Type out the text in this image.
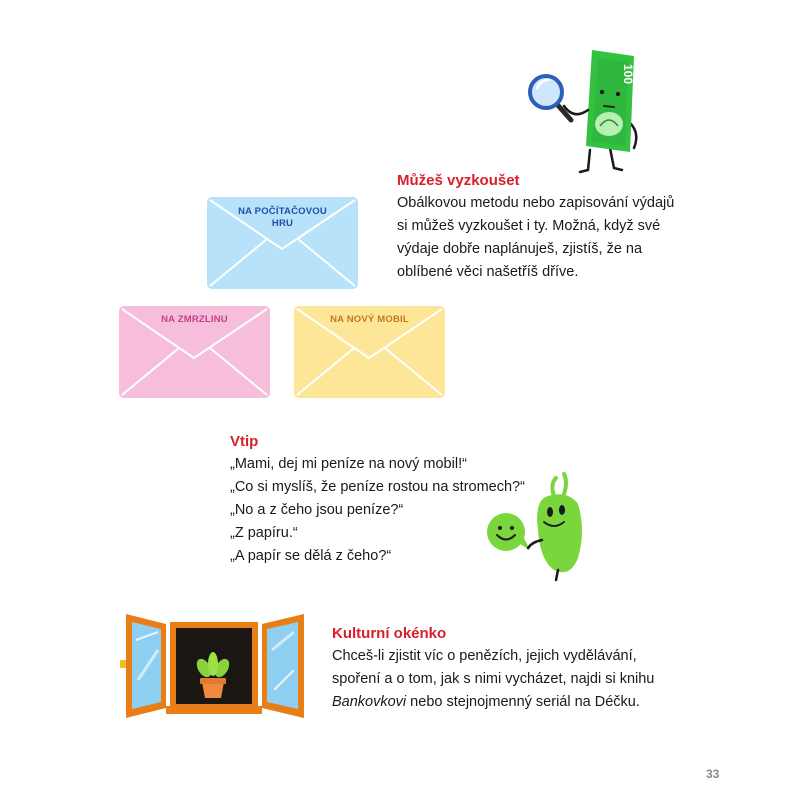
100
Můžeš vyzkoušet
Obálkovou metodu nebo zapisování výdajů
si můžeš vyzkoušet i ty. Možná, když své
výdaje dobře naplánuješ, zjistíš, že na
oblíbené věci našetříš dříve.
NA POČÍTAČOVOU
HRU
NA ZMRZLINU	NA NOVÝ MOBIL
Vtip
„Mami, dej mi peníze na nový mobil!“
„Co si myslíš, že peníze rostou na stromech?“
„No a z čeho jsou peníze?“
„Z papíru.“
„A papír se dělá z čeho?“
Kulturní okénko
Chceš-li zjistit víc o penězích, jejich vydělávání,
spoření a o tom, jak s nimi vycházet, najdi si knihu
Bankovkovi nebo stejnojmenný seriál na Déčku.
33
